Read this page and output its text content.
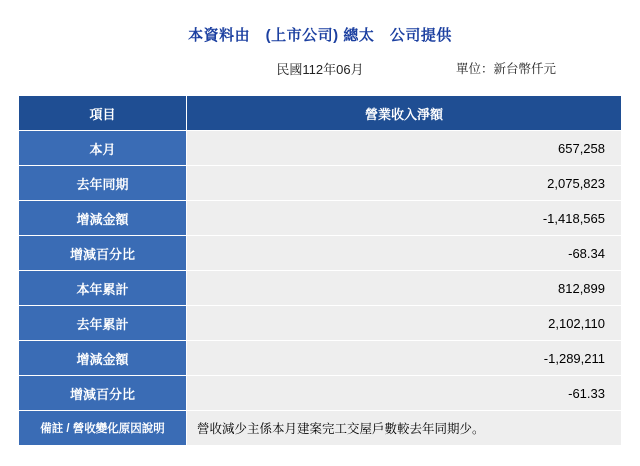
本資料由　(上市公司) 總太　公司提供
民國112年06月	單位：新台幣仟元
項目	營業收入淨額
本月	657,258
去年同期	2,075,823
增減金額	-1,418,565
增減百分比	-68.34
本年累計	812,899
去年累計	2,102,110
增減金額	-1,289,211
增減百分比	-61.33
備註 / 營收變化原因說明	營收減少主係本月建案完工交屋戶數較去年同期少。
